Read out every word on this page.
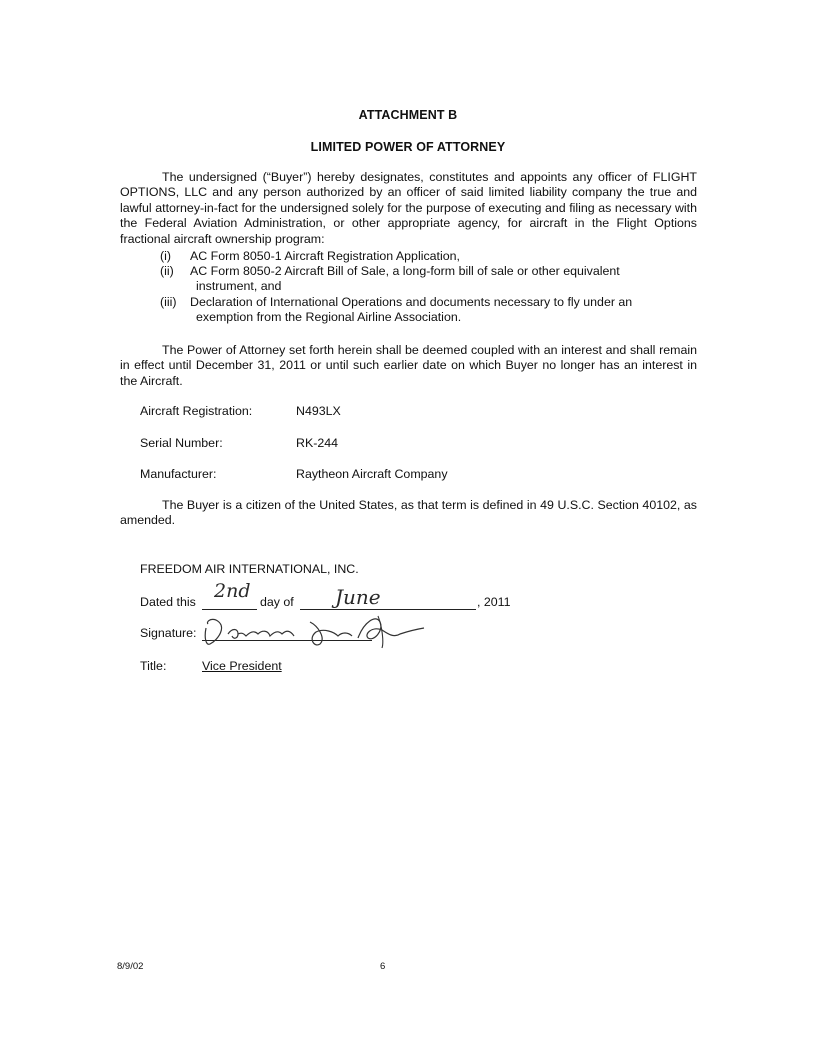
ATTACHMENT B
LIMITED POWER OF ATTORNEY

The undersigned (“Buyer”) hereby designates, constitutes and appoints any officer of FLIGHT OPTIONS, LLC and any person authorized by an officer of said limited liability company the true and lawful attorney-in-fact for the undersigned solely for the purpose of executing and filing as necessary with the Federal Aviation Administration, or other appropriate agency, for aircraft in the Flight Options fractional aircraft ownership program:

(i)	AC Form 8050-1 Aircraft Registration Application,
(ii)	AC Form 8050-2 Aircraft Bill of Sale, a long-form bill of sale or other equivalent
instrument, and
(iii)	Declaration of International Operations and documents necessary to fly under an
exemption from the Regional Airline Association.

The Power of Attorney set forth herein shall be deemed coupled with an interest and shall remain in effect until December 31, 2011 or until such earlier date on which Buyer no longer has an interest in the Aircraft.

Aircraft Registration:	N493LX
Serial Number:	RK-244
Manufacturer:	Raytheon Aircraft Company

The Buyer is a citizen of the United States, as that term is defined in 49 U.S.C. Section 40102, as amended.

FREEDOM AIR INTERNATIONAL, INC.
Dated this 2nd day of June	, 2011
Signature:
Title:	Vice President
8/9/02	6
